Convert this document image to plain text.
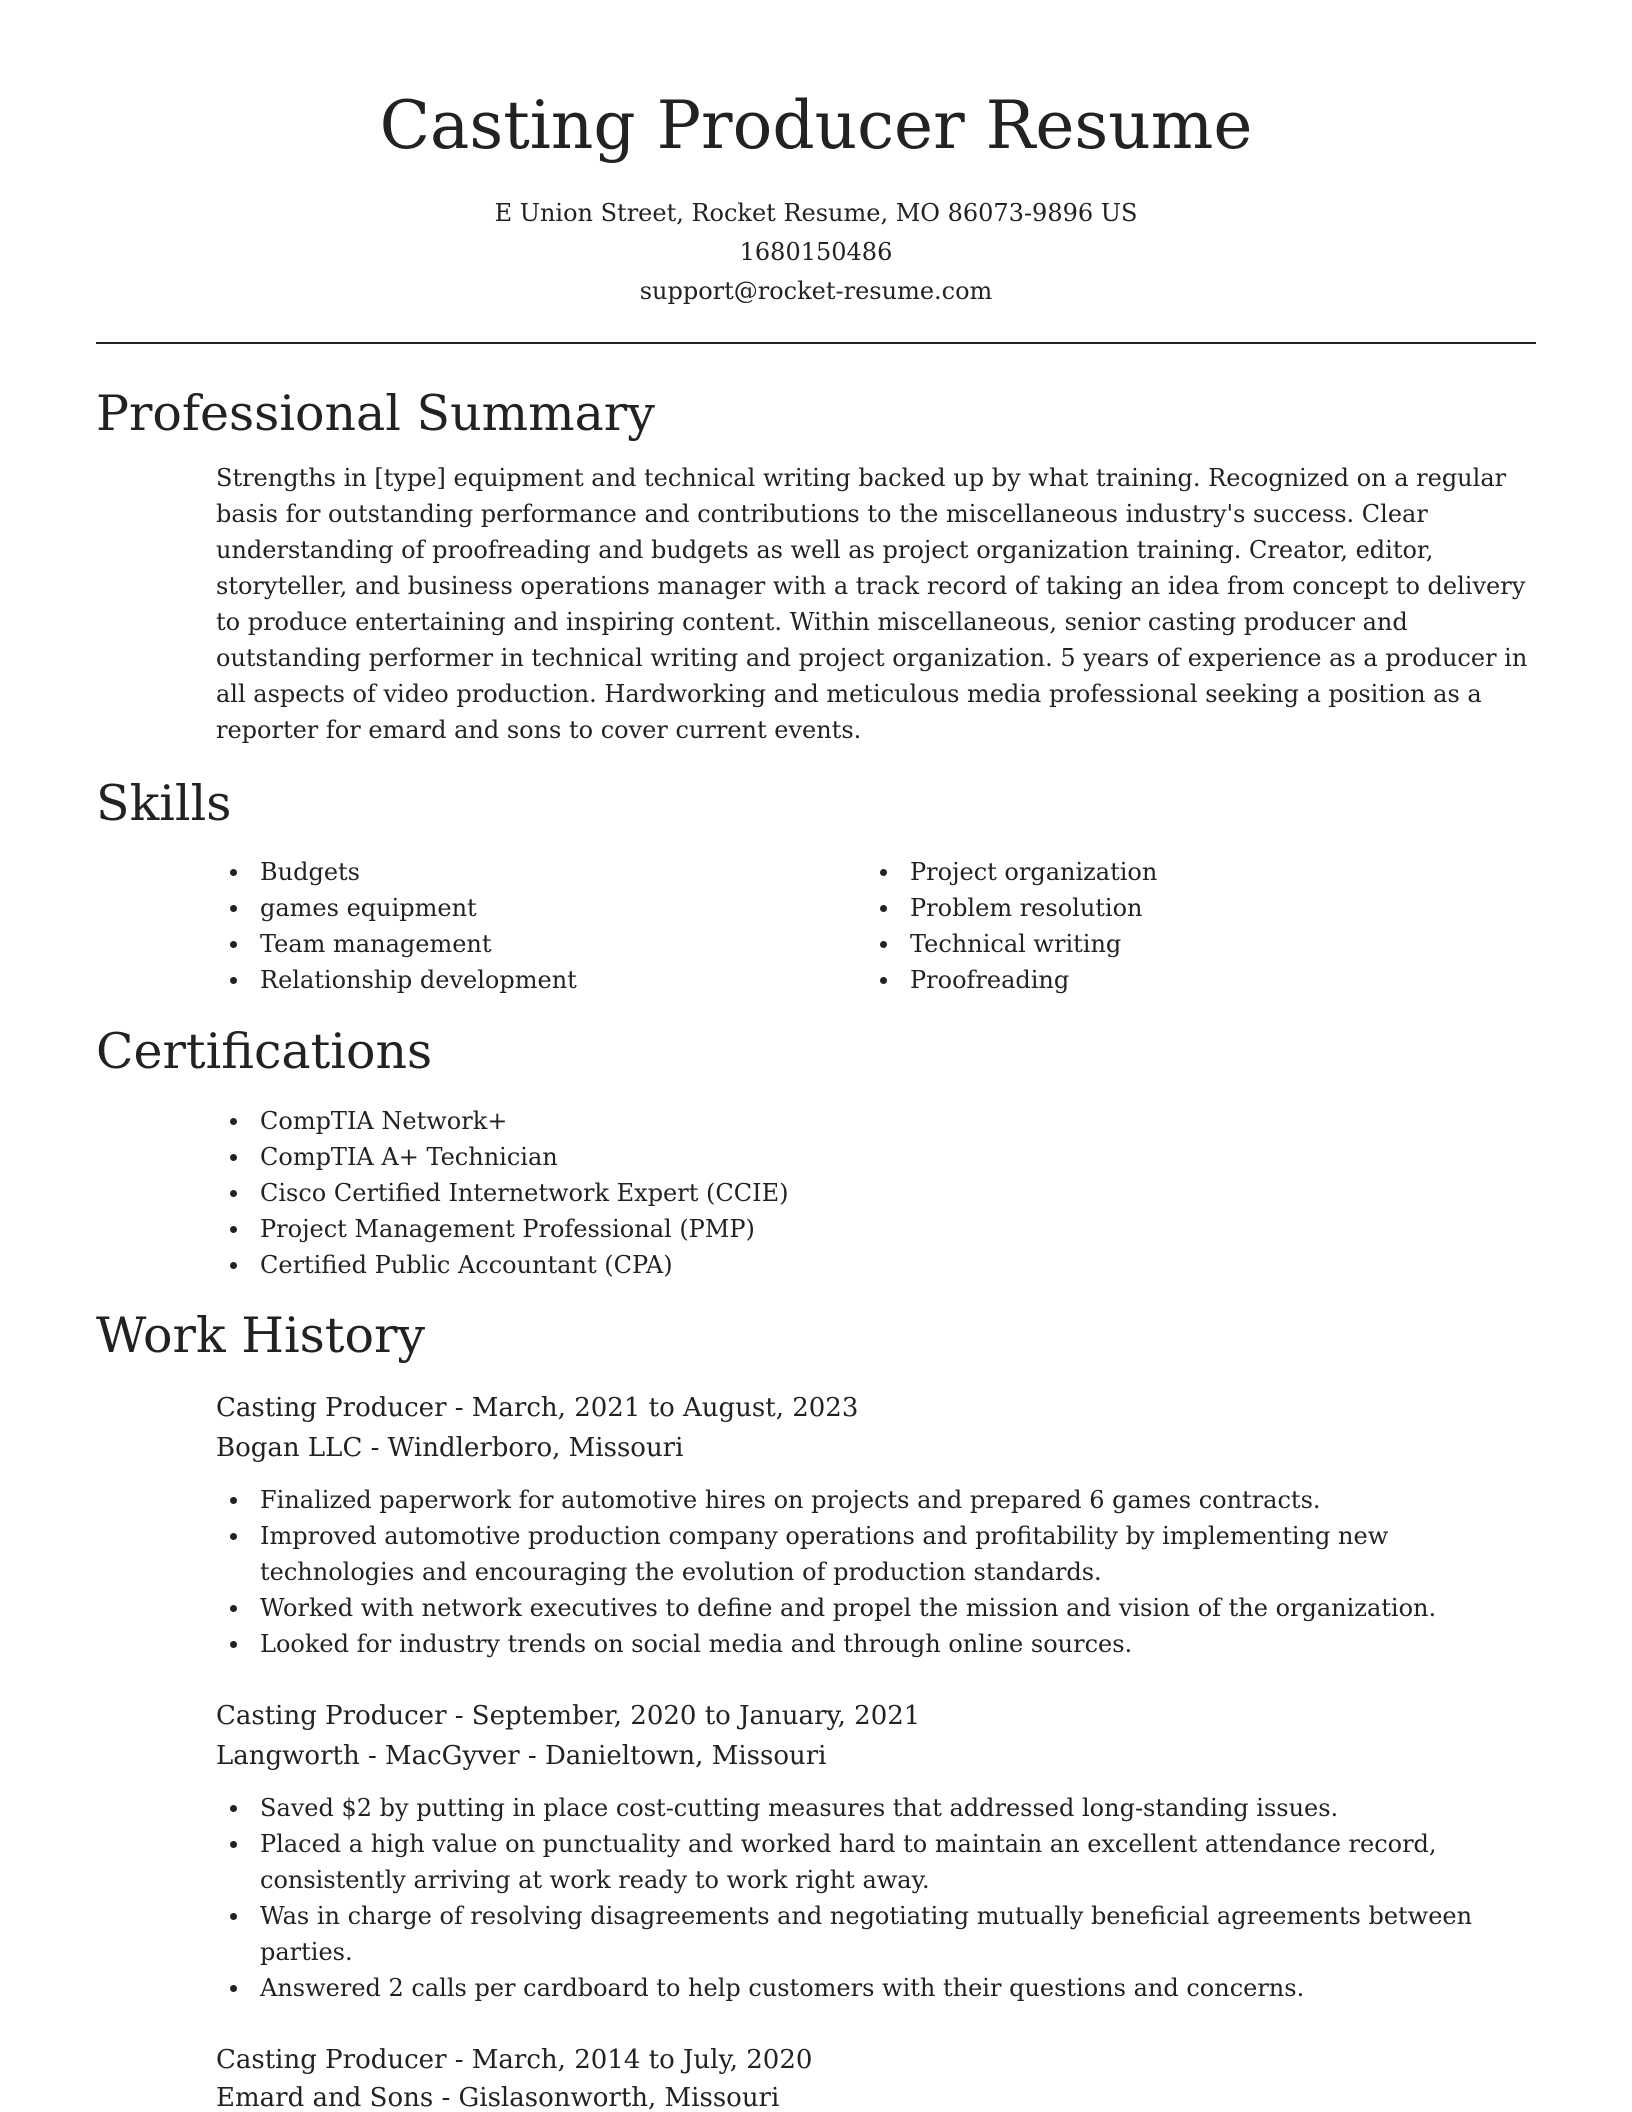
Casting Producer Resume
E Union Street, Rocket Resume, MO 86073-9896 US
1680150486
support@rocket-resume.com
Professional Summary
Strengths in [type] equipment and technical writing backed up by what training. Recognized on a regular basis for outstanding performance and contributions to the miscellaneous industry's success. Clear understanding of proofreading and budgets as well as project organization training. Creator, editor, storyteller, and business operations manager with a track record of taking an idea from concept to delivery to produce entertaining and inspiring content. Within miscellaneous, senior casting producer and outstanding performer in technical writing and project organization. 5 years of experience as a producer in all aspects of video production. Hardworking and meticulous media professional seeking a position as a reporter for emard and sons to cover current events.
Skills
Budgets
games equipment
Team management
Relationship development
Project organization
Problem resolution
Technical writing
Proofreading
Certifications
CompTIA Network+
CompTIA A+ Technician
Cisco Certified Internetwork Expert (CCIE)
Project Management Professional (PMP)
Certified Public Accountant (CPA)
Work History
Casting Producer - March, 2021 to August, 2023
Bogan LLC - Windlerboro, Missouri
Finalized paperwork for automotive hires on projects and prepared 6 games contracts.
Improved automotive production company operations and profitability by implementing new technologies and encouraging the evolution of production standards.
Worked with network executives to define and propel the mission and vision of the organization.
Looked for industry trends on social media and through online sources.
Casting Producer - September, 2020 to January, 2021
Langworth - MacGyver - Danieltown, Missouri
Saved $2 by putting in place cost-cutting measures that addressed long-standing issues.
Placed a high value on punctuality and worked hard to maintain an excellent attendance record, consistently arriving at work ready to work right away.
Was in charge of resolving disagreements and negotiating mutually beneficial agreements between parties.
Answered 2 calls per cardboard to help customers with their questions and concerns.
Casting Producer - March, 2014 to July, 2020
Emard and Sons - Gislasonworth, Missouri
